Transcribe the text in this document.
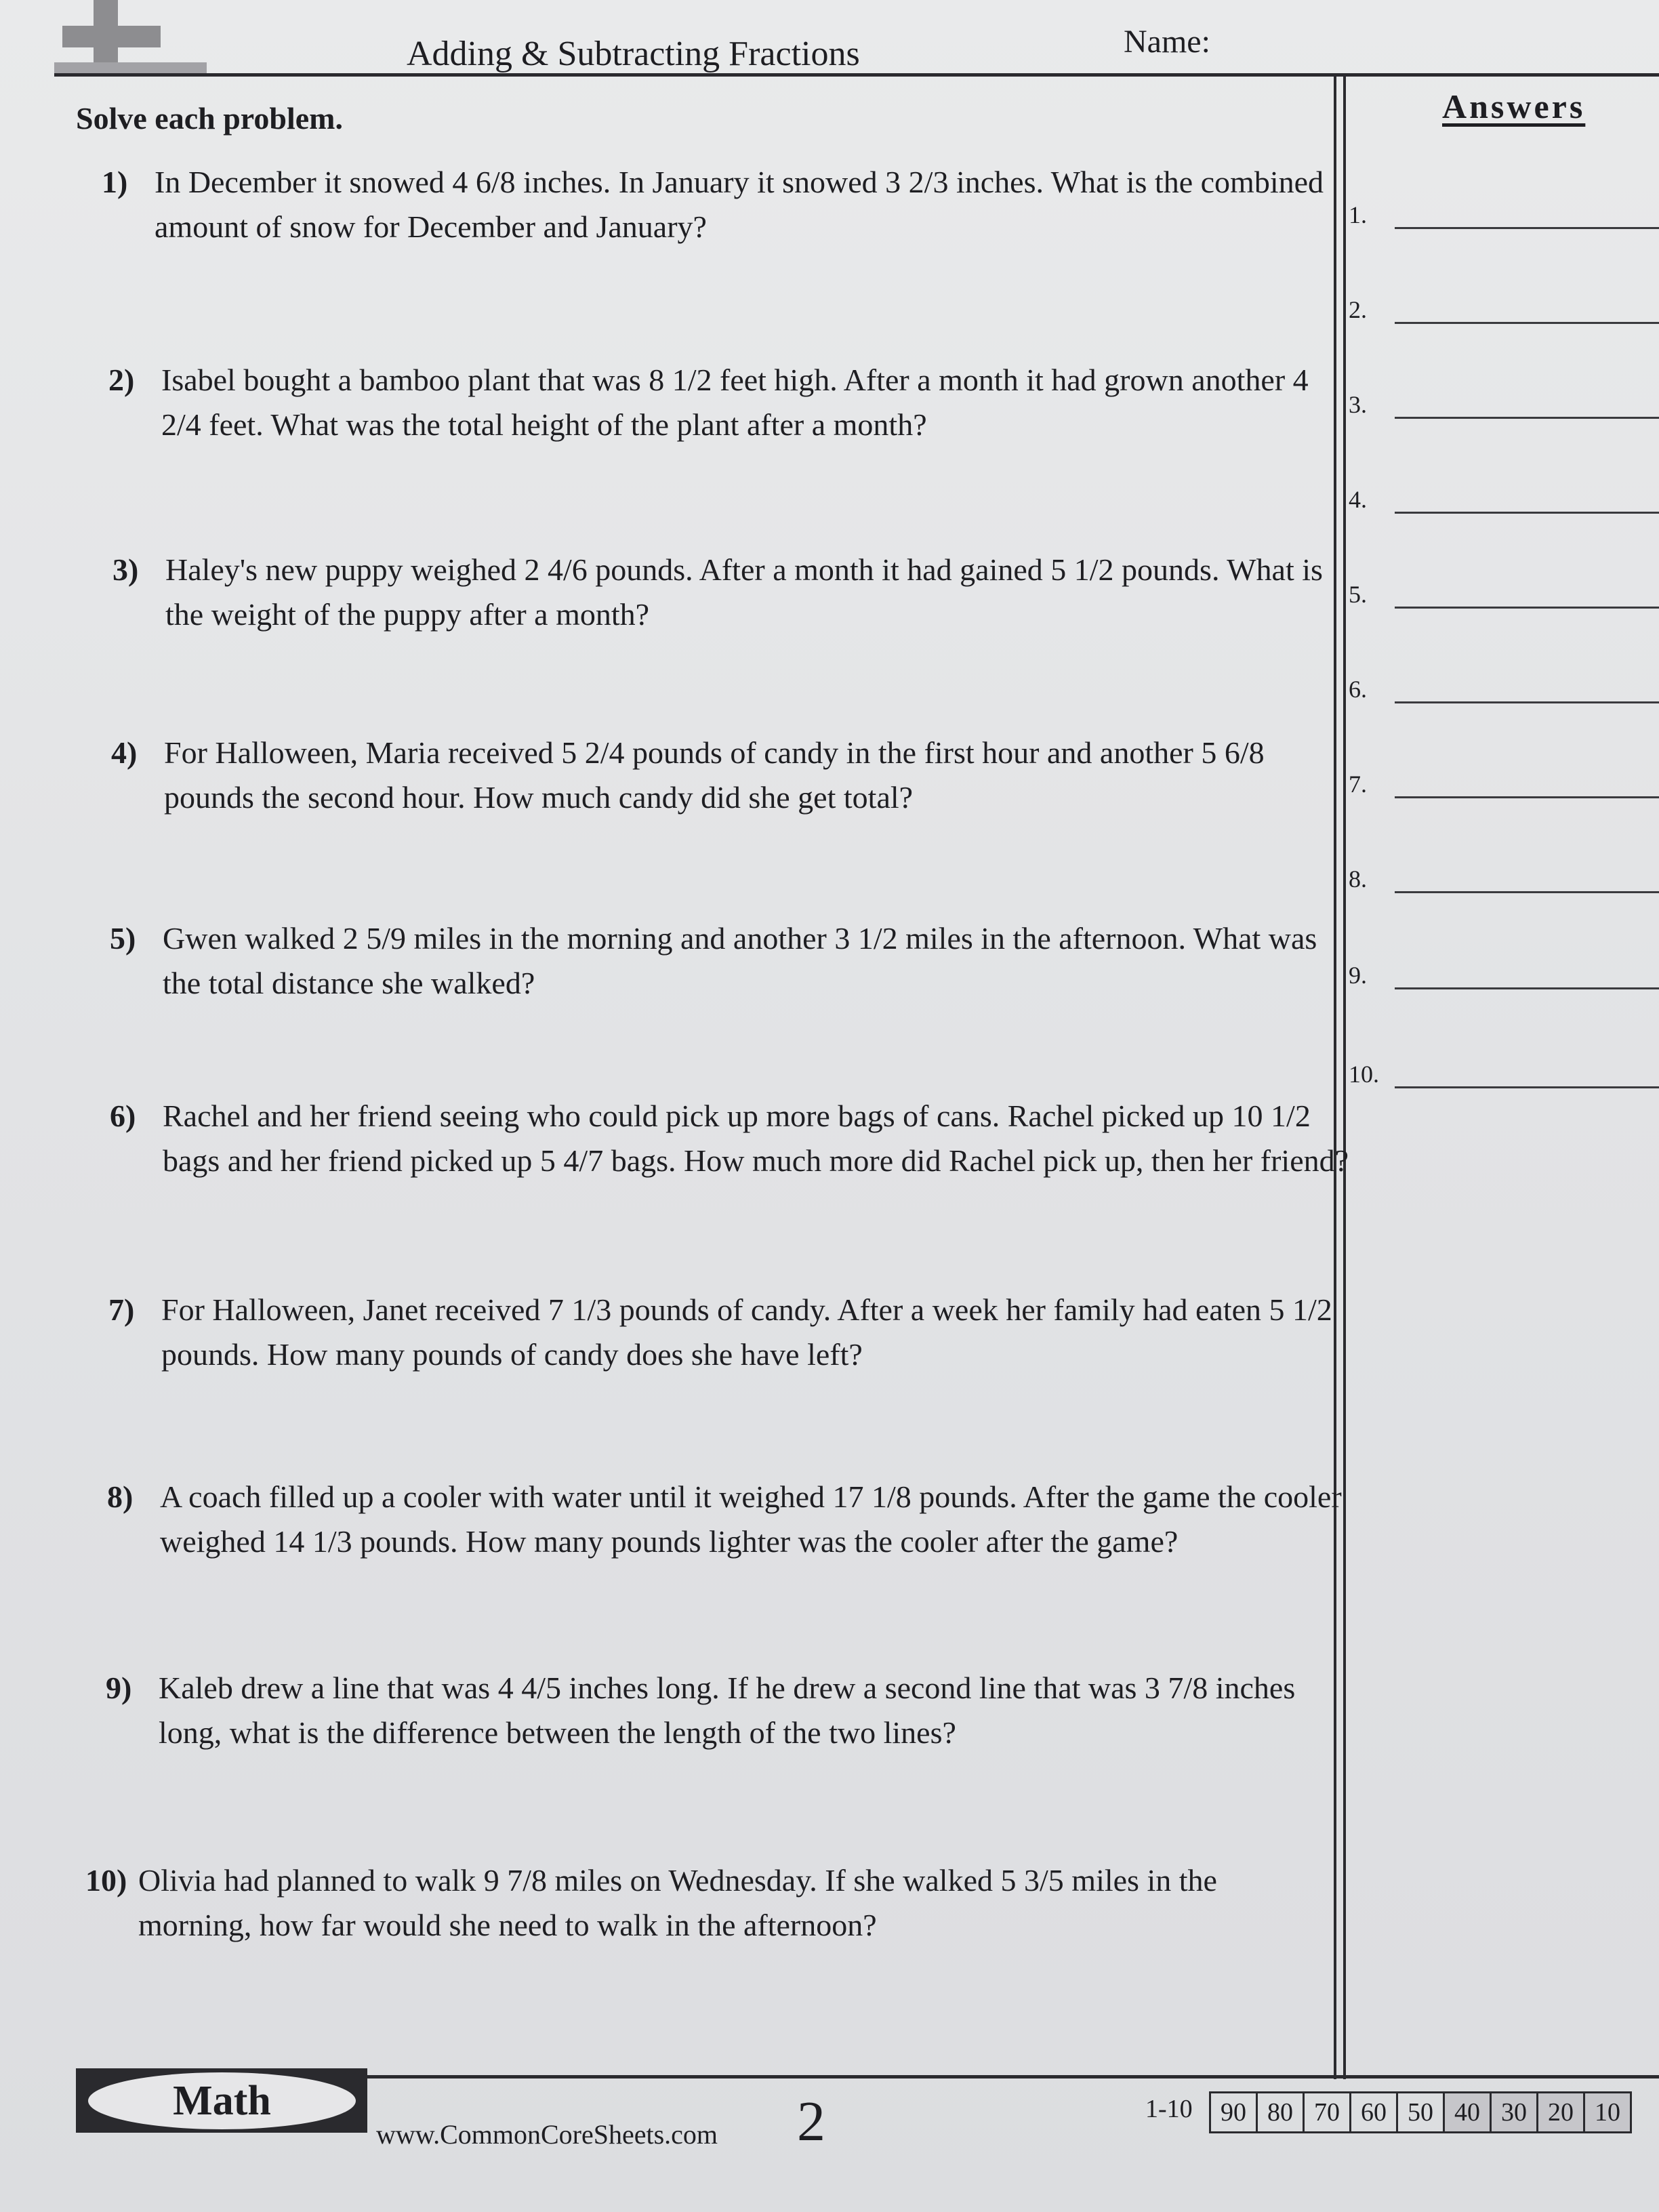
Adding & Subtracting Fractions	Name:
Solve each problem.	Answers
1.
2.
3.
4.
5.
6.
7.
8.
9.
10.
1) In December it snowed 4 6/8 inches. In January it snowed 3 2/3 inches. What is the combined amount of snow for December and January?
2) Isabel bought a bamboo plant that was 8 1/2 feet high. After a month it had grown another 4 2/4 feet. What was the total height of the plant after a month?
3) Haley's new puppy weighed 2 4/6 pounds. After a month it had gained 5 1/2 pounds. What is the weight of the puppy after a month?
4) For Halloween, Maria received 5 2/4 pounds of candy in the first hour and another 5 6/8 pounds the second hour. How much candy did she get total?
5) Gwen walked 2 5/9 miles in the morning and another 3 1/2 miles in the afternoon. What was the total distance she walked?
6) Rachel and her friend seeing who could pick up more bags of cans. Rachel picked up 10 1/2 bags and her friend picked up 5 4/7 bags. How much more did Rachel pick up, then her friend?
7) For Halloween, Janet received 7 1/3 pounds of candy. After a week her family had eaten 5 1/2 pounds. How many pounds of candy does she have left?
8) A coach filled up a cooler with water until it weighed 17 1/8 pounds. After the game the cooler weighed 14 1/3 pounds. How many pounds lighter was the cooler after the game?
9) Kaleb drew a line that was 4 4/5 inches long. If he drew a second line that was 3 7/8 inches long, what is the difference between the length of the two lines?
10) Olivia had planned to walk 9 7/8 miles on Wednesday. If she walked 5 3/5 miles in the morning, how far would she need to walk in the afternoon?
Math
www.CommonCoreSheets.com 2	1-10	90 80 70 60 50 40 30 20 10
